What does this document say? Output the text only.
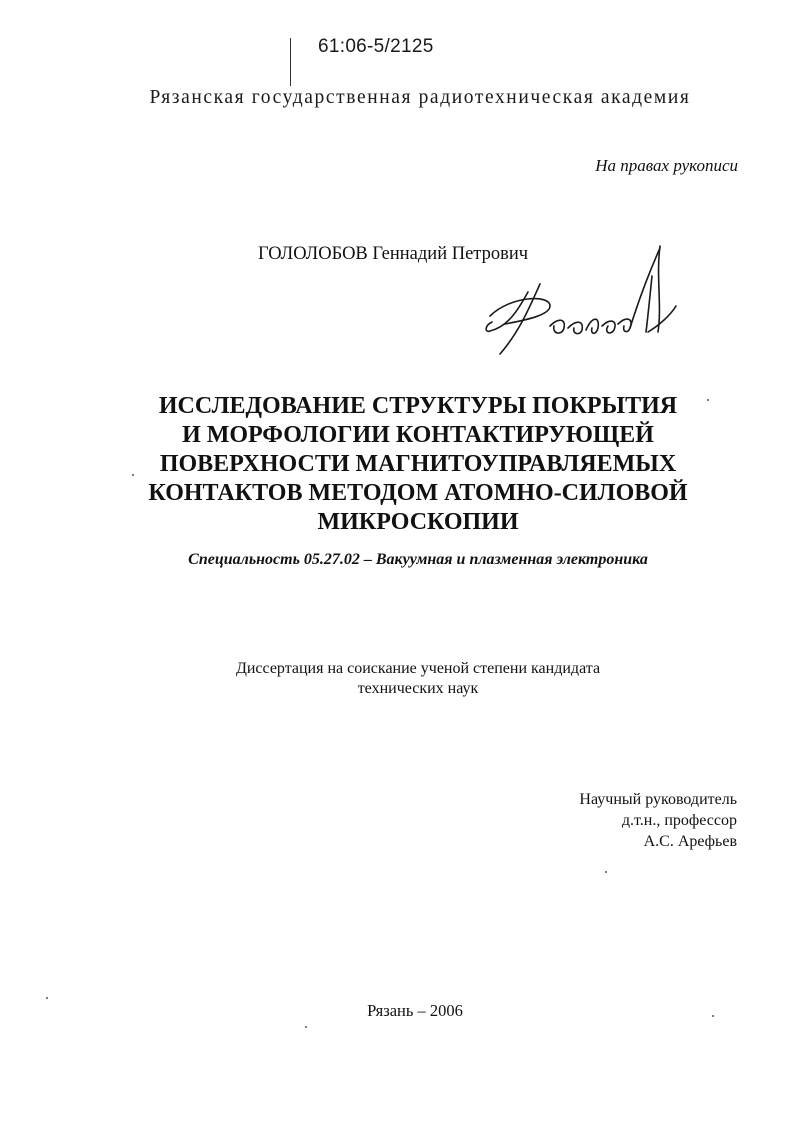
61:06-5/2125
Рязанская государственная радиотехническая академия
На правах рукописи
ГОЛОЛОБОВ Геннадий Петрович
ИССЛЕДОВАНИЕ СТРУКТУРЫ ПОКРЫТИЯ
И МОРФОЛОГИИ КОНТАКТИРУЮЩЕЙ
ПОВЕРХНОСТИ МАГНИТОУПРАВЛЯЕМЫХ
КОНТАКТОВ МЕТОДОМ АТОМНО-СИЛОВОЙ
МИКРОСКОПИИ
Специальность 05.27.02 – Вакуумная и плазменная электроника
Диссертация на соискание ученой степени кандидата
технических наук
Научный руководитель
д.т.н., профессор
А.С. Арефьев
Рязань – 2006
